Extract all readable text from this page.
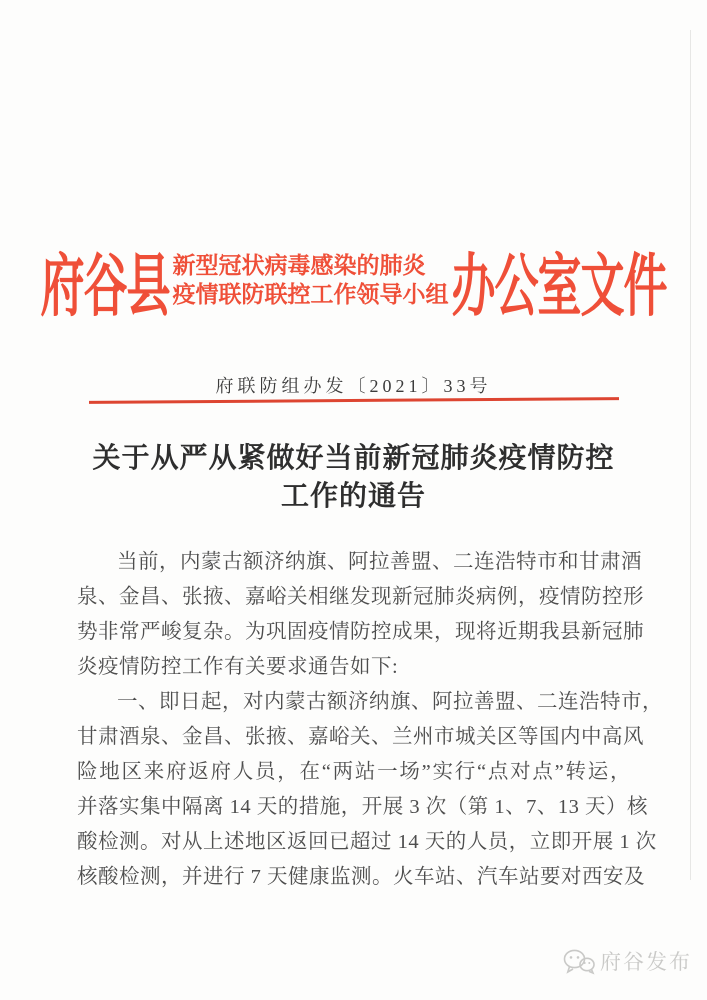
府谷县 新型冠状病毒感染的肺炎
疫情联防联控工作领导小组 办公室文件
府联防组办发〔2021〕33号
关于从严从紧做好当前新冠肺炎疫情防控
工作的通告
当前，内蒙古额济纳旗、阿拉善盟、二连浩特市和甘肃酒
泉、金昌、张掖、嘉峪关相继发现新冠肺炎病例，疫情防控形
势非常严峻复杂。为巩固疫情防控成果，现将近期我县新冠肺
炎疫情防控工作有关要求通告如下:
一、即日起，对内蒙古额济纳旗、阿拉善盟、二连浩特市，
甘肃酒泉、金昌、张掖、嘉峪关、兰州市城关区等国内中高风
险地区来府返府人员，在“两站一场”实行“点对点”转运，
并落实集中隔离 14 天的措施，开展 3 次（第 1、7、13 天）核
酸检测。对从上述地区返回已超过 14 天的人员，立即开展 1 次
核酸检测，并进行 7 天健康监测。火车站、汽车站要对西安及
府谷发布
